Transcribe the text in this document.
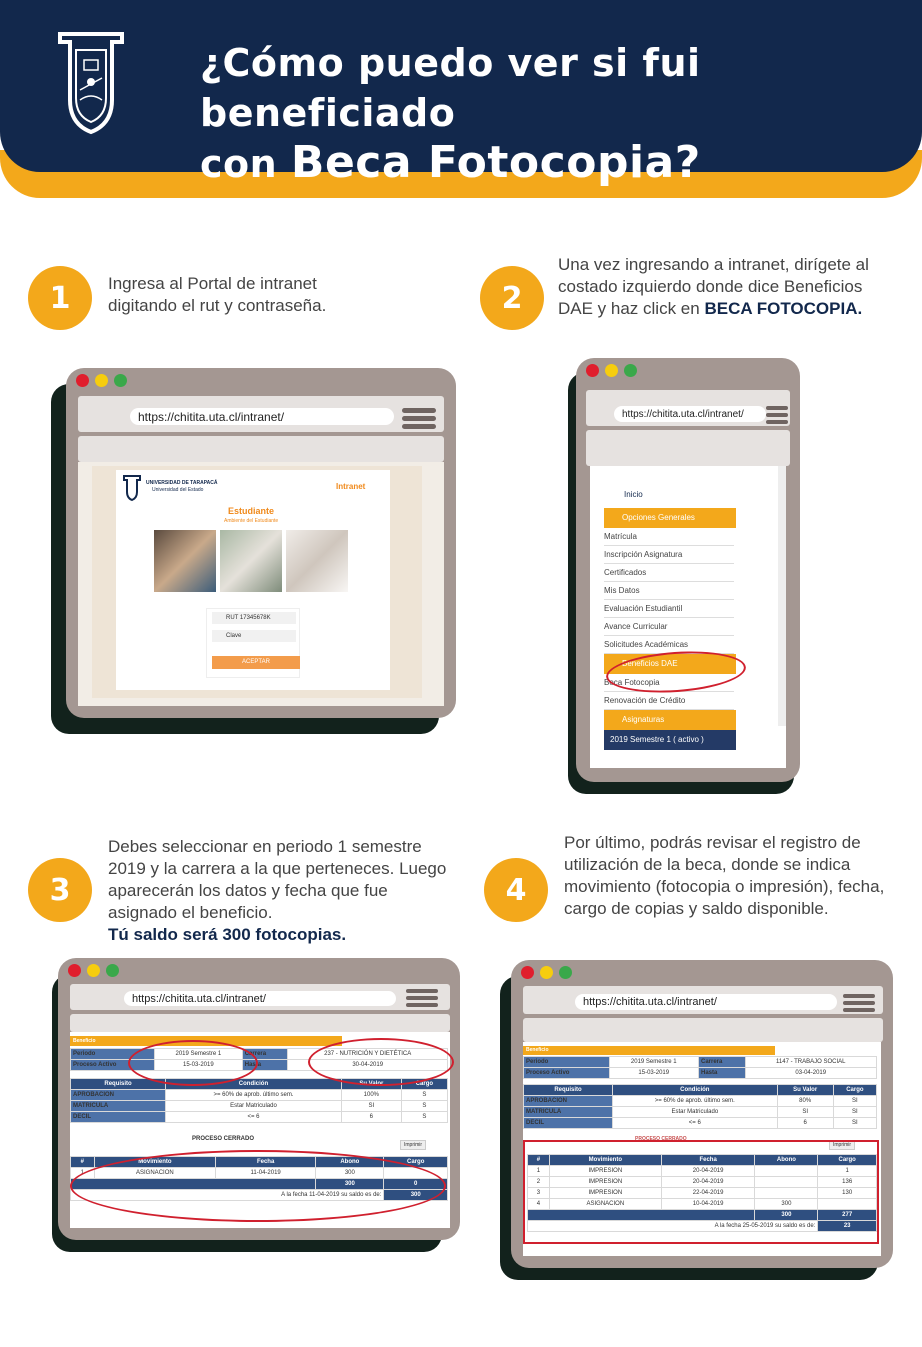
¿Cómo puedo ver si fui beneficiado
con Beca Fotocopia?
1	Ingresa al Portal de intranet digitando el rut y contraseña.	2
Una vez ingresando a intranet, dirígete al costado izquierdo donde dice Beneficios DAE y haz click en BECA FOTOCOPIA.
3
Debes seleccionar en periodo 1 semestre 2019 y la carrera a la que perteneces. Luego aparecerán los datos y fecha que fue asignado el beneficio.
Tú saldo será 300 fotocopias.
4
Por último, podrás revisar el registro de utilización de la beca, donde se indica movimiento (fotocopia o impresión), fecha, cargo de copias y saldo disponible.
https://chitita.uta.cl/intranet/
UNIVERSIDAD DE TARAPACÁ
Universidad del Estado	Intranet
Estudiante
Ambiente del Estudiante
RUT 17345678K
Clave
ACEPTAR
https://chitita.uta.cl/intranet/
Inicio
Opciones Generales
Matrícula
Inscripción Asignatura
Certificados
Mis Datos
Evaluación Estudiantil
Avance Curricular
Solicitudes Académicas
Beneficios DAE
Beca Fotocopia
Renovación de Crédito
Asignaturas
2019 Semestre 1 ( activo )
https://chitita.uta.cl/intranet/
Beneficio
Periodo	2019 Semestre 1	Carrera	237 - NUTRICIÓN Y DIETÉTICA
Proceso Activo	15-03-2019	Hasta	30-04-2019
Requisito	Condición	Su Valor	Cargo
APROBACION	>= 60% de aprob. último sem.	100%	S
MATRICULA	Estar Matriculado	SI	S
DECIL	<= 6	6	S
PROCESO CERRADO
Imprimir
#	Movimiento	Fecha	Abono	Cargo
1	ASIGNACION	11-04-2019	300	
			300	0
A la fecha 11-04-2019 su saldo es de:				300
https://chitita.uta.cl/intranet/
Beneficio
Periodo	2019 Semestre 1	Carrera	1147 - TRABAJO SOCIAL
Proceso Activo	15-03-2019	Hasta	03-04-2019
Requisito	Condición	Su Valor	Cargo
APROBACION	>= 60% de aprob. último sem.	80%	SI
MATRICULA	Estar Matriculado	SI	SI
DECIL	<= 6	6	SI
PROCESO CERRADO
Imprimir
#	Movimiento	Fecha	Abono	Cargo
1	IMPRESION	20-04-2019		1
2	IMPRESION	20-04-2019		136
3	IMPRESION	22-04-2019		130
4	ASIGNACION	10-04-2019	300	
			300	277
A la fecha 25-05-2019 su saldo es de:				23
